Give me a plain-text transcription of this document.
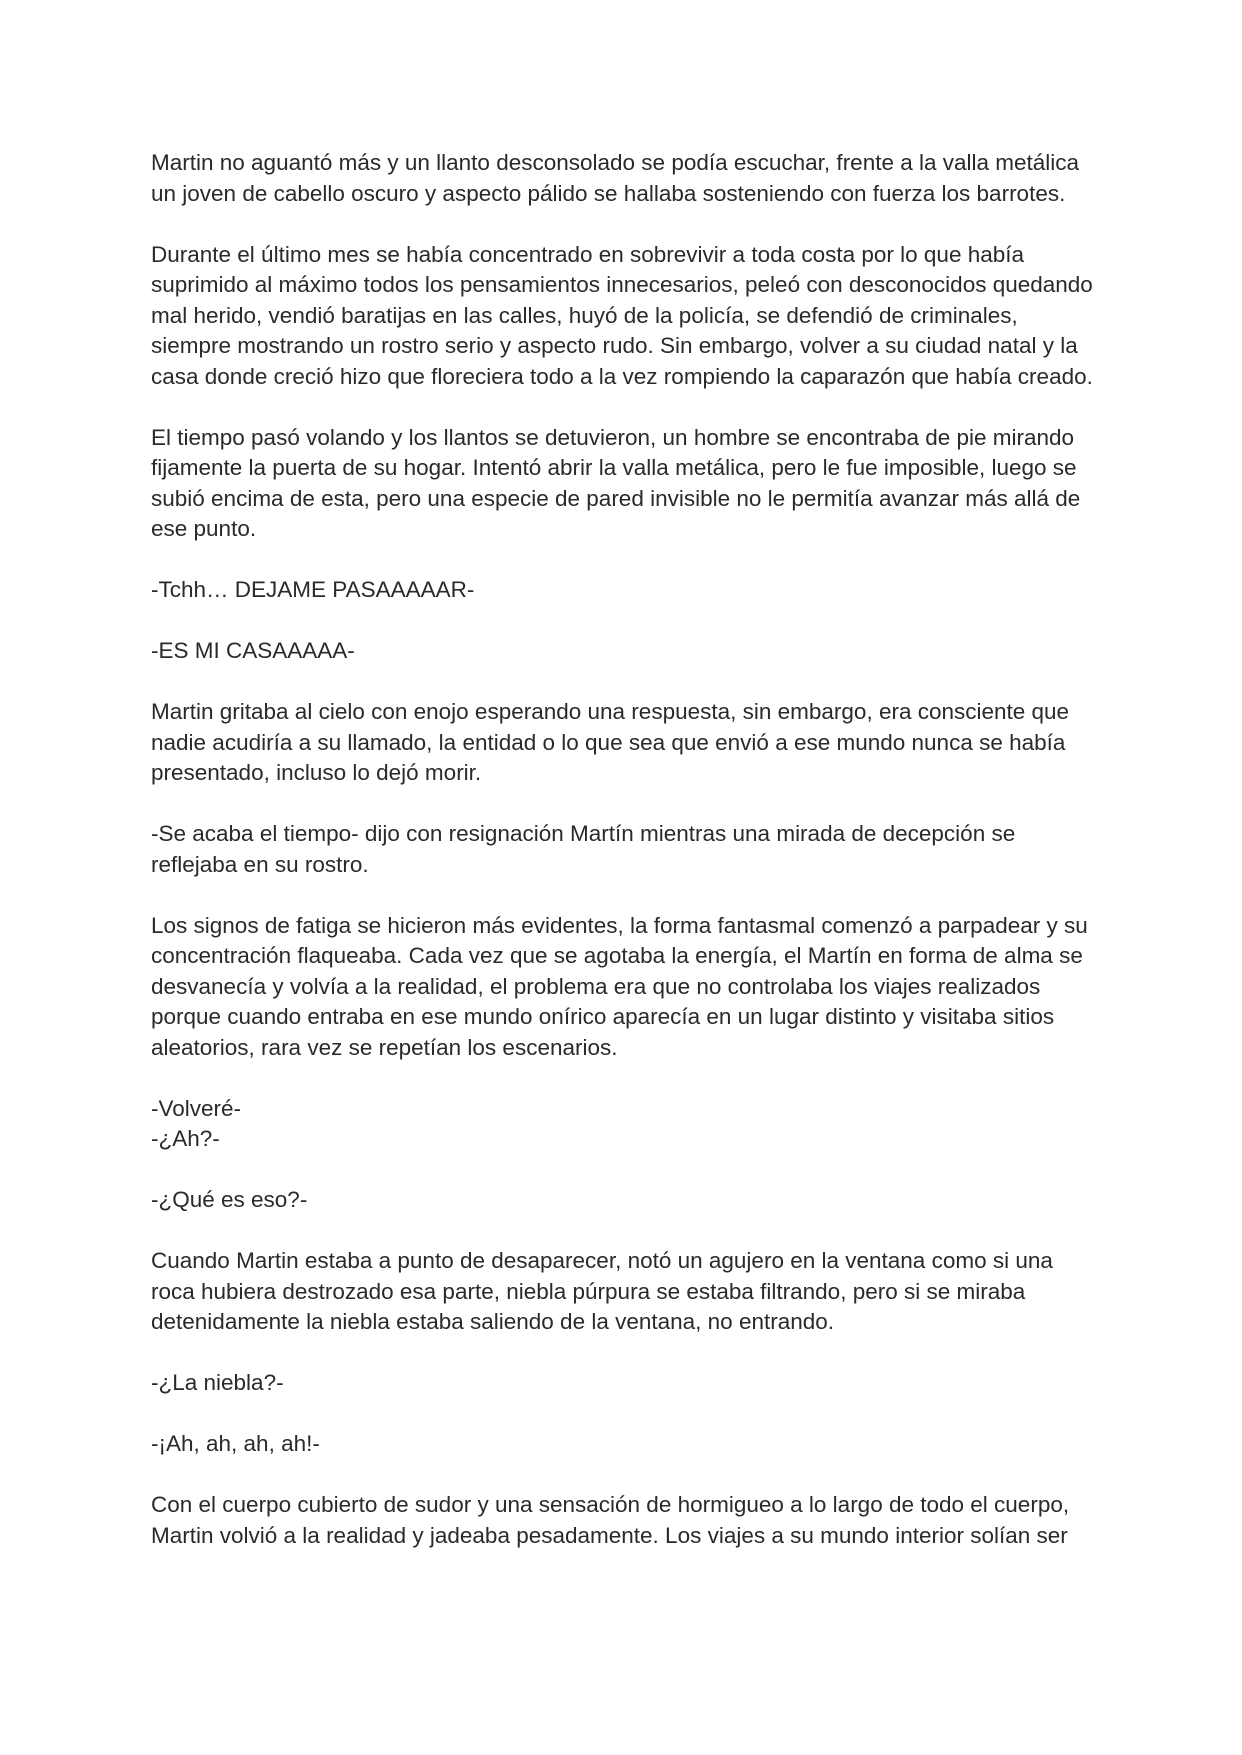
Martin no aguantó más y un llanto desconsolado se podía escuchar, frente a la valla metálica un joven de cabello oscuro y aspecto pálido se hallaba sosteniendo con fuerza los barrotes.

Durante el último mes se había concentrado en sobrevivir a toda costa por lo que había suprimido al máximo todos los pensamientos innecesarios, peleó con desconocidos quedando mal herido, vendió baratijas en las calles, huyó de la policía, se defendió de criminales, siempre mostrando un rostro serio y aspecto rudo. Sin embargo, volver a su ciudad natal y la casa donde creció hizo que floreciera todo a la vez rompiendo la caparazón que había creado.

El tiempo pasó volando y los llantos se detuvieron, un hombre se encontraba de pie mirando fijamente la puerta de su hogar. Intentó abrir la valla metálica, pero le fue imposible, luego se subió encima de esta, pero una especie de pared invisible no le permitía avanzar más allá de ese punto.

-Tchh… DEJAME PASAAAAAR-

-ES MI CASAAAAA-

Martin gritaba al cielo con enojo esperando una respuesta, sin embargo, era consciente que nadie acudiría a su llamado, la entidad o lo que sea que envió a ese mundo nunca se había presentado, incluso lo dejó morir.

-Se acaba el tiempo- dijo con resignación Martín mientras una mirada de decepción se reflejaba en su rostro.

Los signos de fatiga se hicieron más evidentes, la forma fantasmal comenzó a parpadear y su concentración flaqueaba. Cada vez que se agotaba la energía, el Martín en forma de alma se desvanecía y volvía a la realidad, el problema era que no controlaba los viajes realizados porque cuando entraba en ese mundo onírico aparecía en un lugar distinto y visitaba sitios aleatorios, rara vez se repetían los escenarios.

-Volveré-

-¿Ah?-

-¿Qué es eso?-

Cuando Martin estaba a punto de desaparecer, notó un agujero en la ventana como si una roca hubiera destrozado esa parte, niebla púrpura se estaba filtrando, pero si se miraba detenidamente la niebla estaba saliendo de la ventana, no entrando.

-¿La niebla?-

-¡Ah, ah, ah, ah!-

Con el cuerpo cubierto de sudor y una sensación de hormigueo a lo largo de todo el cuerpo, Martin volvió a la realidad y jadeaba pesadamente. Los viajes a su mundo interior solían ser
